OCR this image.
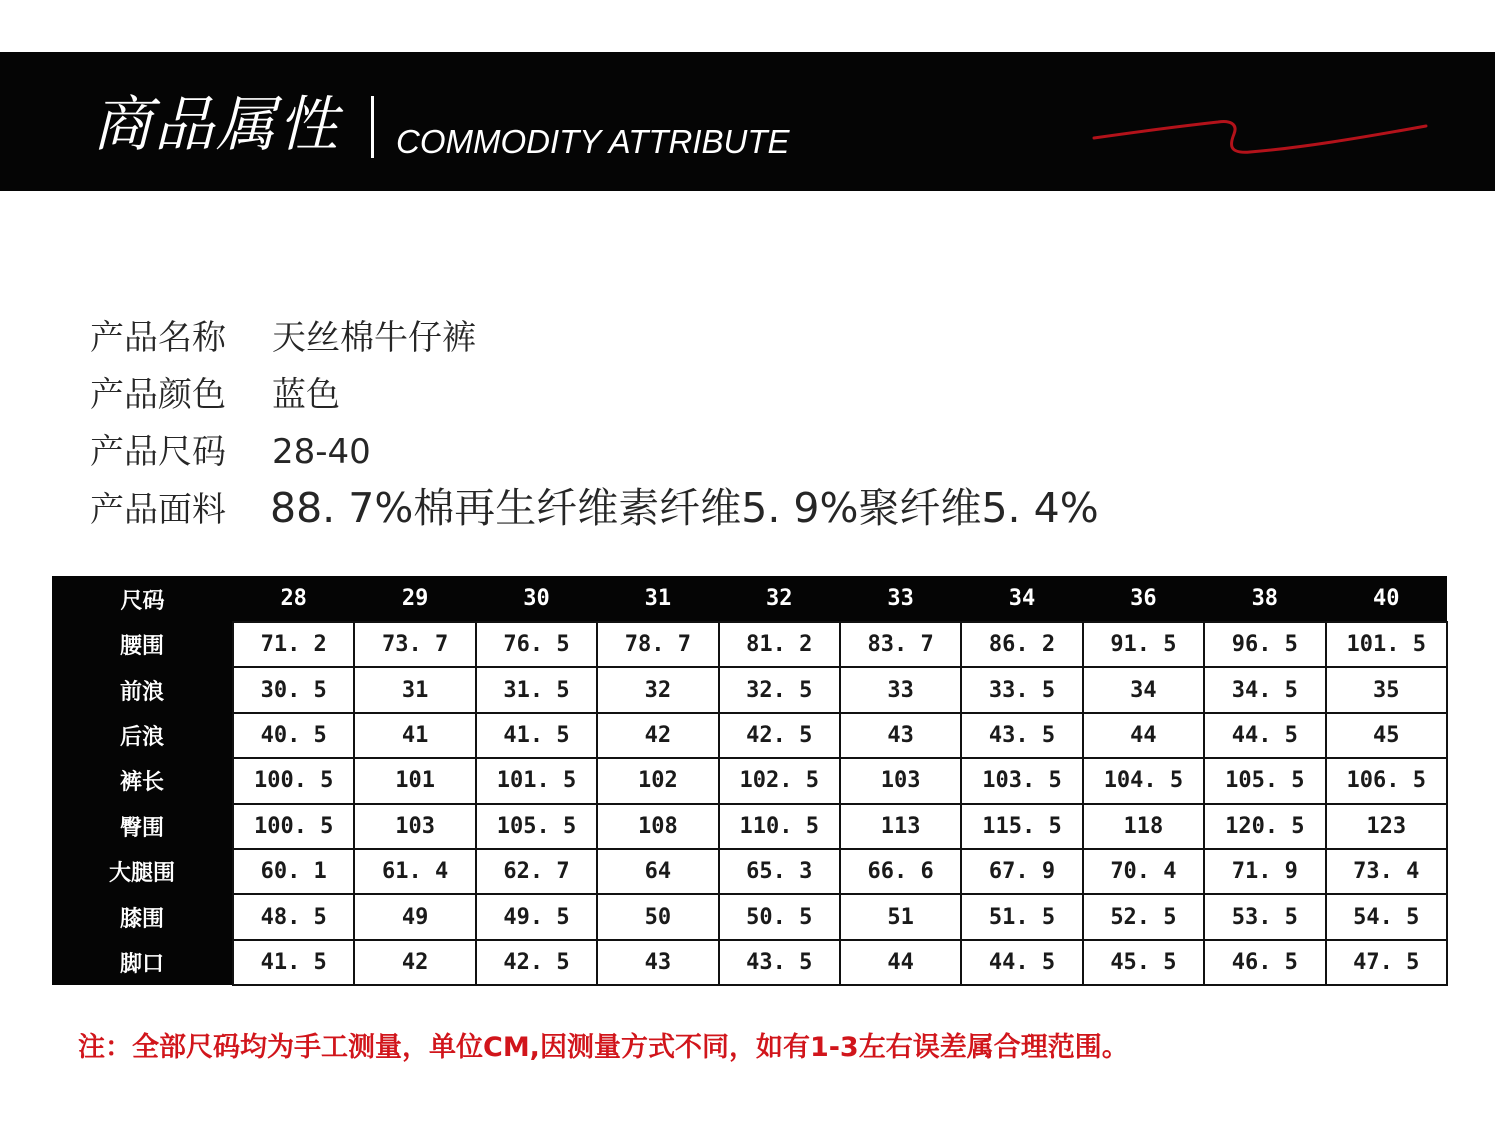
商品属性 COMMODITY ATTRIBUTE
产品名称 天丝棉牛仔裤
产品颜色 蓝色
产品尺码 28-40
产品面料 88. 7%棉再生纤维素纤维5. 9%聚纤维5. 4%
尺码	28	29	30	31	32	33	34	36	38	40
腰围	71. 2	73. 7	76. 5	78. 7	81. 2	83. 7	86. 2	91. 5	96. 5	101. 5
前浪	30. 5	31	31. 5	32	32. 5	33	33. 5	34	34. 5	35
后浪	40. 5	41	41. 5	42	42. 5	43	43. 5	44	44. 5	45
裤长	100. 5	101	101. 5	102	102. 5	103	103. 5	104. 5	105. 5	106. 5
臀围	100. 5	103	105. 5	108	110. 5	113	115. 5	118	120. 5	123
大腿围	60. 1	61. 4	62. 7	64	65. 3	66. 6	67. 9	70. 4	71. 9	73. 4
膝围	48. 5	49	49. 5	50	50. 5	51	51. 5	52. 5	53. 5	54. 5
脚口	41. 5	42	42. 5	43	43. 5	44	44. 5	45. 5	46. 5	47. 5
注：全部尺码均为手工测量，单位CM,因测量方式不同，如有1-3左右误差属合理范围。
